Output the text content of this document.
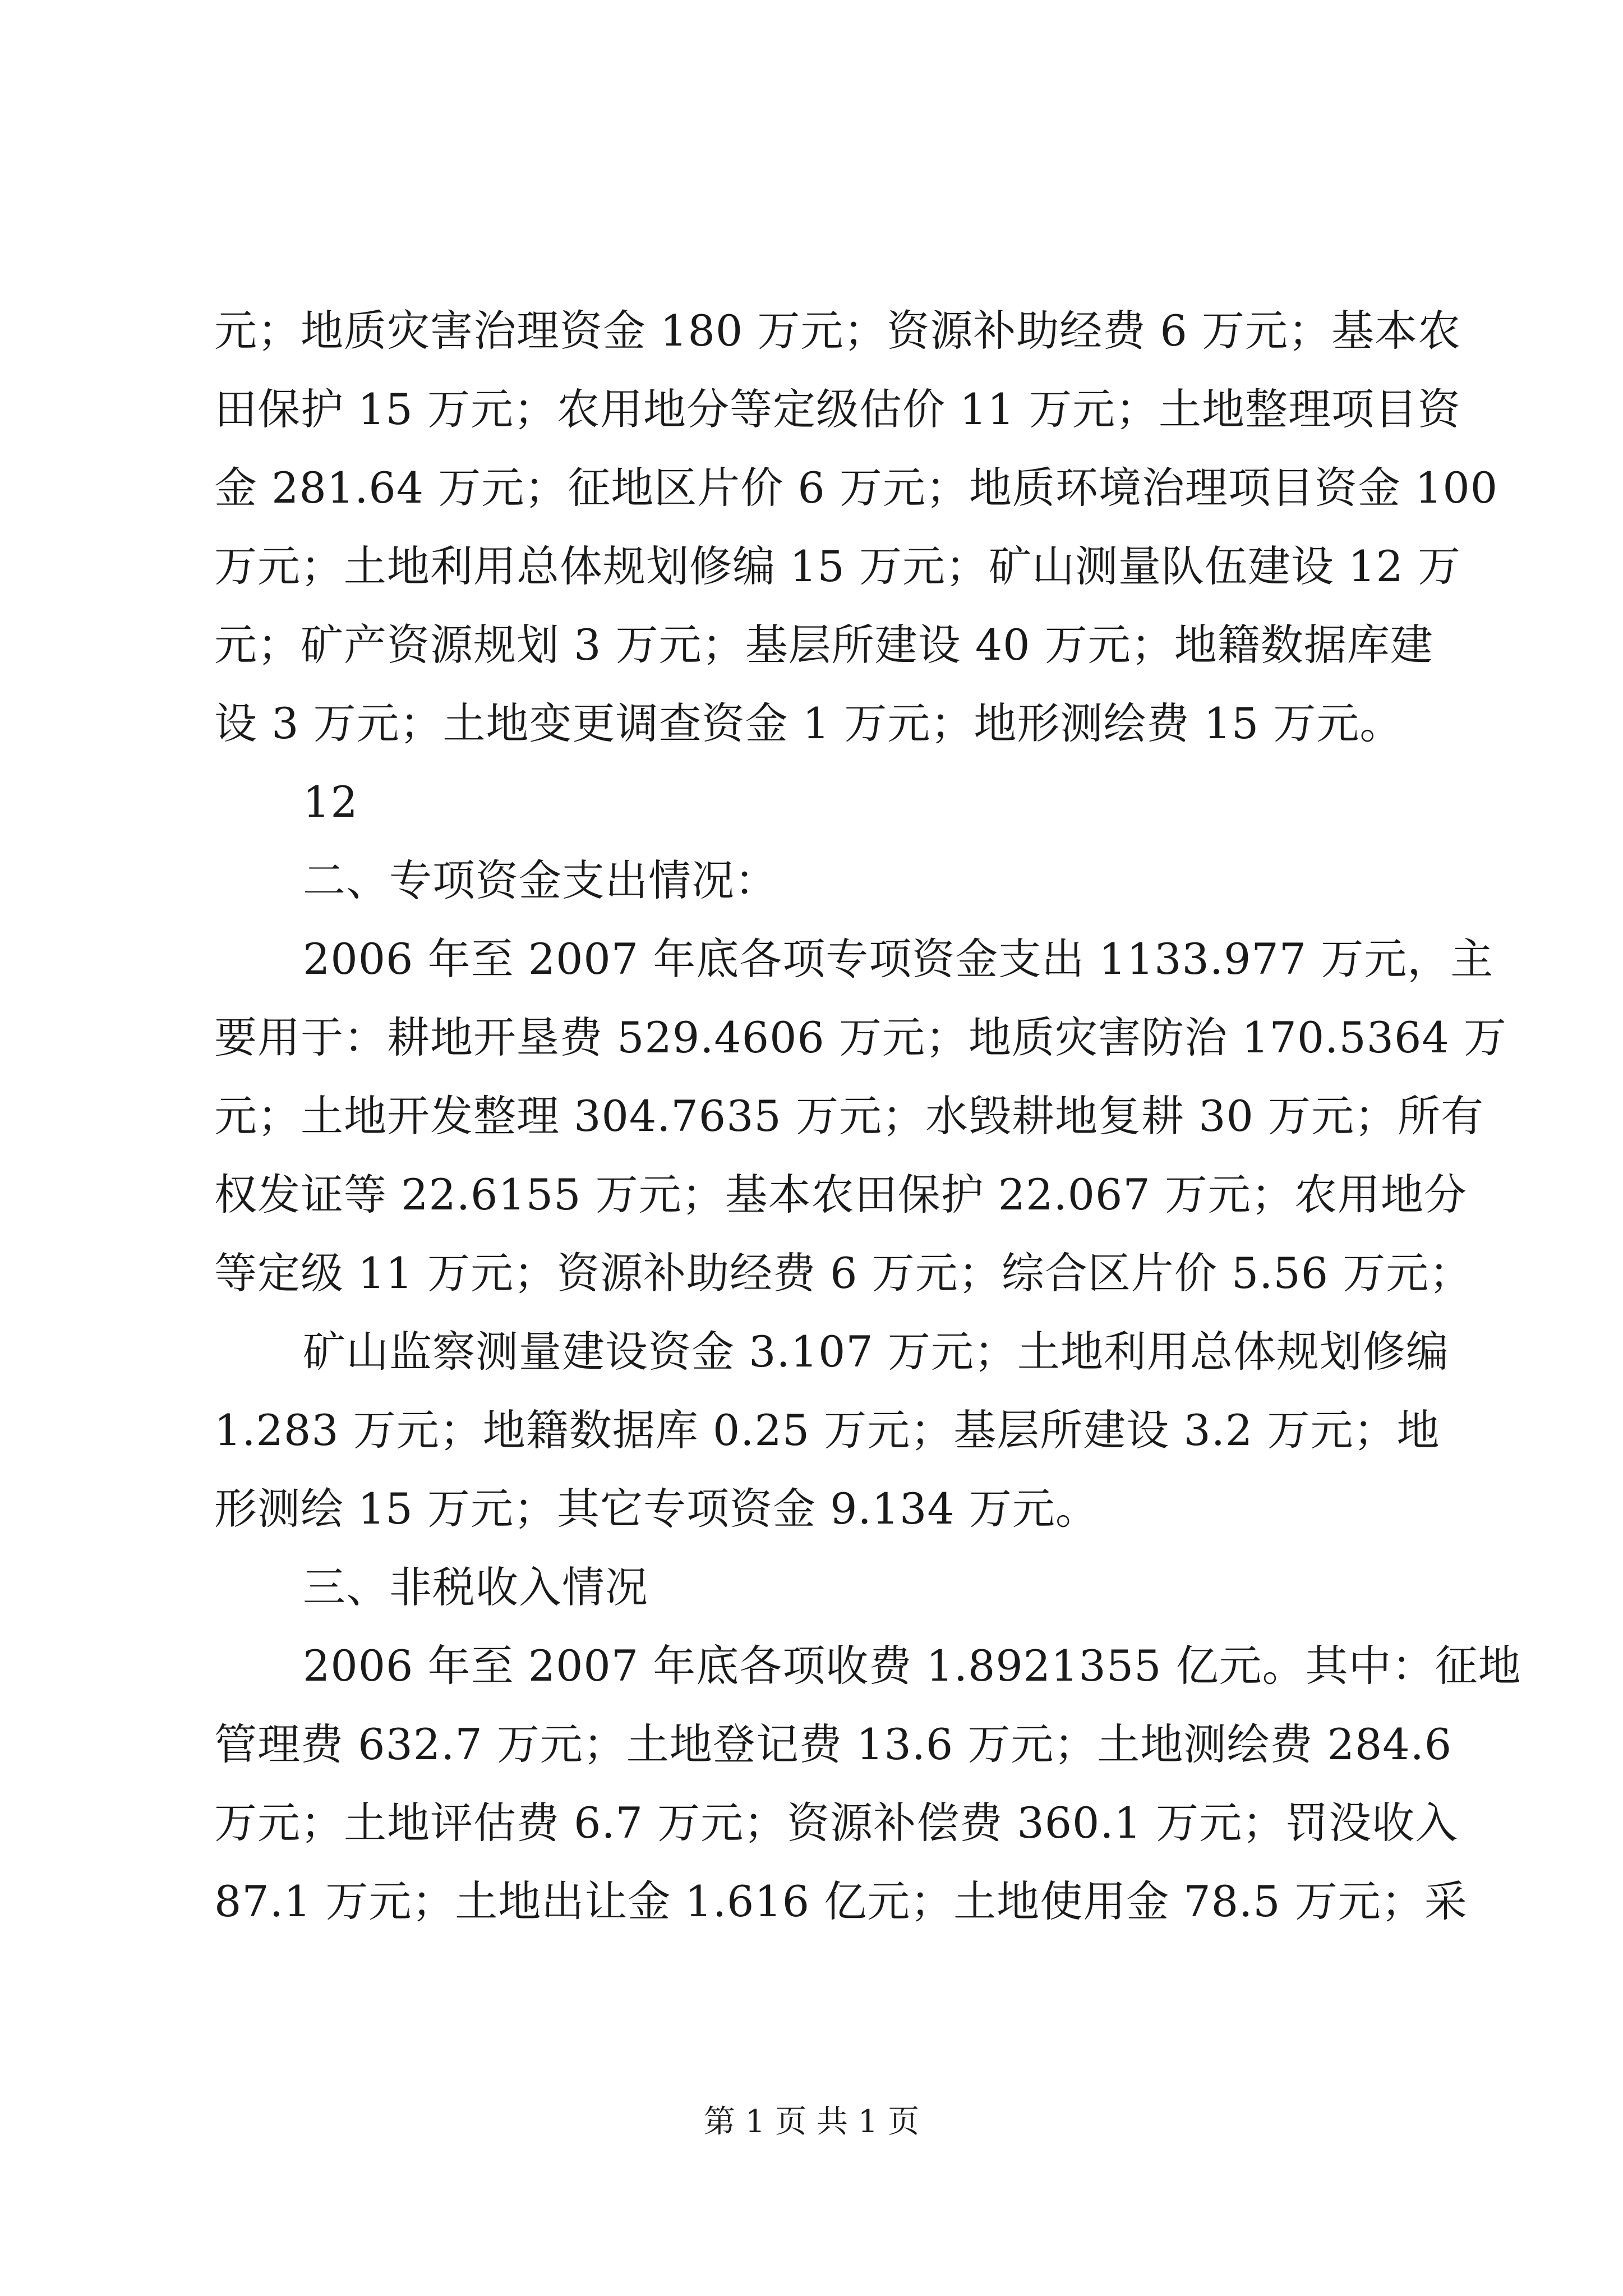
元；地质灾害治理资金 180 万元；资源补助经费 6 万元；基本农
田保护 15 万元；农用地分等定级估价 11 万元；土地整理项目资
金 281.64 万元；征地区片价 6 万元；地质环境治理项目资金 100
万元；土地利用总体规划修编 15 万元；矿山测量队伍建设 12 万
元；矿产资源规划 3 万元；基层所建设 40 万元；地籍数据库建
设 3 万元；土地变更调查资金 1 万元；地形测绘费 15 万元。
12
二、专项资金支出情况：
2006 年至 2007 年底各项专项资金支出 1133.977 万元，主
要用于：耕地开垦费 529.4606 万元；地质灾害防治 170.5364 万
元；土地开发整理 304.7635 万元；水毁耕地复耕 30 万元；所有
权发证等 22.6155 万元；基本农田保护 22.067 万元；农用地分
等定级 11 万元；资源补助经费 6 万元；综合区片价 5.56 万元；
矿山监察测量建设资金 3.107 万元；土地利用总体规划修编
1.283 万元；地籍数据库 0.25 万元；基层所建设 3.2 万元；地
形测绘 15 万元；其它专项资金 9.134 万元。
三、非税收入情况
2006 年至 2007 年底各项收费 1.8921355 亿元。其中：征地
管理费 632.7 万元；土地登记费 13.6 万元；土地测绘费 284.6
万元；土地评估费 6.7 万元；资源补偿费 360.1 万元；罚没收入
87.1 万元；土地出让金 1.616 亿元；土地使用金 78.5 万元；采
第 1 页 共 1 页
